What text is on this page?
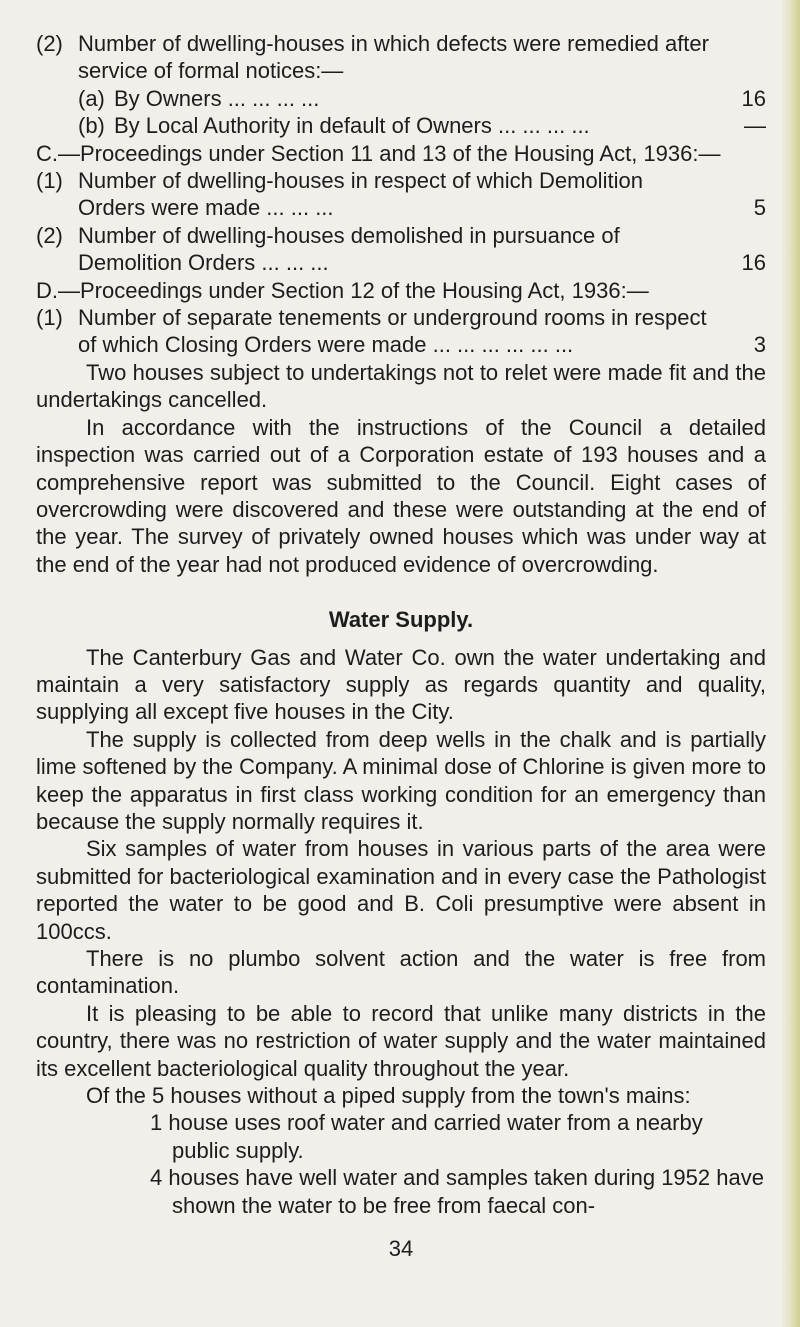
(2) Number of dwelling-houses in which defects were remedied after service of formal notices:—
(a) By Owners ... ... ... ...	16
(b) By Local Authority in default of Owners ... ... ... ...	—

C.—Proceedings under Section 11 and 13 of the Housing Act, 1936:—

(1) Number of dwelling-houses in respect of which Demolition Orders were made ... ... ...	5
(2) Number of dwelling-houses demolished in pursuance of Demolition Orders ... ... ...	16

D.—Proceedings under Section 12 of the Housing Act, 1936:—

(1) Number of separate tenements or underground rooms in respect of which Closing Orders were made ... ... ... ... ... ...	3

Two houses subject to undertakings not to relet were made fit and the undertakings cancelled.

In accordance with the instructions of the Council a detailed inspection was carried out of a Corporation estate of 193 houses and a comprehensive report was submitted to the Council. Eight cases of overcrowding were discovered and these were outstanding at the end of the year. The survey of privately owned houses which was under way at the end of the year had not produced evidence of overcrowding.

Water Supply.

The Canterbury Gas and Water Co. own the water undertaking and maintain a very satisfactory supply as regards quantity and quality, supplying all except five houses in the City.

The supply is collected from deep wells in the chalk and is partially lime softened by the Company. A minimal dose of Chlorine is given more to keep the apparatus in first class working condition for an emergency than because the supply normally requires it.

Six samples of water from houses in various parts of the area were submitted for bacteriological examination and in every case the Pathologist reported the water to be good and B. Coli presumptive were absent in 100ccs.

There is no plumbo solvent action and the water is free from contamination.

It is pleasing to be able to record that unlike many districts in the country, there was no restriction of water supply and the water maintained its excellent bacteriological quality throughout the year.

Of the 5 houses without a piped supply from the town's mains:

1 house uses roof water and carried water from a nearby public supply.

4 houses have well water and samples taken during 1952 have shown the water to be free from faecal con-

34
